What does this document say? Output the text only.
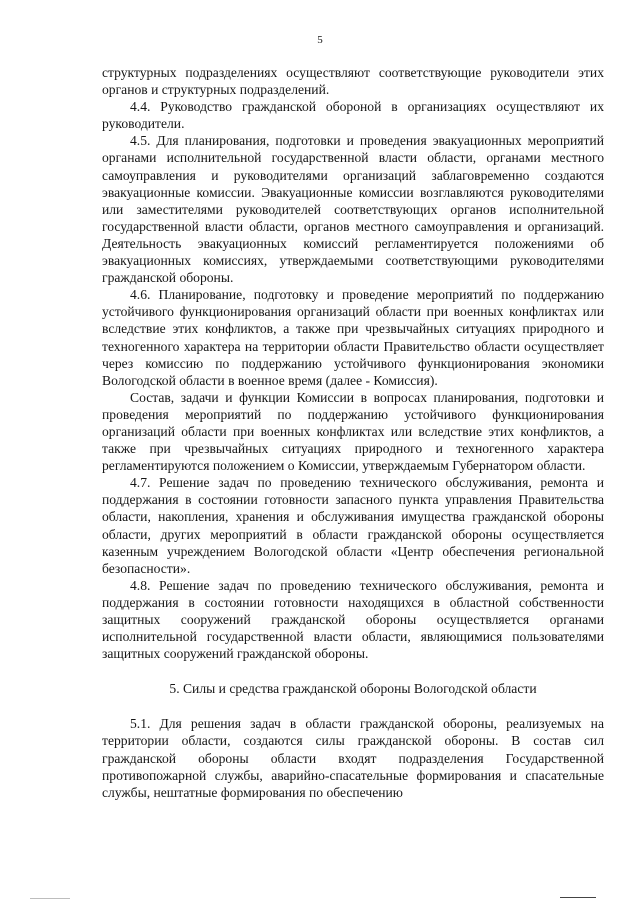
5

структурных подразделениях осуществляют соответствующие руководители этих органов и структурных подразделений.

4.4. Руководство гражданской обороной в организациях осуществляют их руководители.

4.5. Для планирования, подготовки и проведения эвакуационных мероприятий органами исполнительной государственной власти области, органами местного самоуправления и руководителями организаций заблаговременно создаются эвакуационные комиссии. Эвакуационные комиссии возглавляются руководителями или заместителями руководителей соответствующих органов исполнительной государственной власти области, органов местного самоуправления и организаций. Деятельность эвакуационных комиссий регламентируется положениями об эвакуационных комиссиях, утверждаемыми соответствующими руководителями гражданской обороны.

4.6. Планирование, подготовку и проведение мероприятий по поддержанию устойчивого функционирования организаций области при военных конфликтах или вследствие этих конфликтов, а также при чрезвычайных ситуациях природного и техногенного характера на территории области Правительство области осуществляет через комиссию по поддержанию устойчивого функционирования экономики Вологодской области в военное время (далее - Комиссия).

Состав, задачи и функции Комиссии в вопросах планирования, подготовки и проведения мероприятий по поддержанию устойчивого функционирования организаций области при военных конфликтах или вследствие этих конфликтов, а также при чрезвычайных ситуациях природного и техногенного характера регламентируются положением о Комиссии, утверждаемым Губернатором области.

4.7. Решение задач по проведению технического обслуживания, ремонта и поддержания в состоянии готовности запасного пункта управления Правительства области, накопления, хранения и обслуживания имущества гражданской обороны области, других мероприятий в области гражданской обороны осуществляется казенным учреждением Вологодской области «Центр обеспечения региональной безопасности».

4.8. Решение задач по проведению технического обслуживания, ремонта и поддержания в состоянии готовности находящихся в областной собственности защитных сооружений гражданской обороны осуществляется органами исполнительной государственной власти области, являющимися пользователями защитных сооружений гражданской обороны.

5. Силы и средства гражданской обороны Вологодской области

5.1. Для решения задач в области гражданской обороны, реализуемых на территории области, создаются силы гражданской обороны. В состав сил гражданской обороны области входят подразделения Государственной противопожарной службы, аварийно-спасательные формирования и спасательные службы, нештатные формирования по обеспечению
